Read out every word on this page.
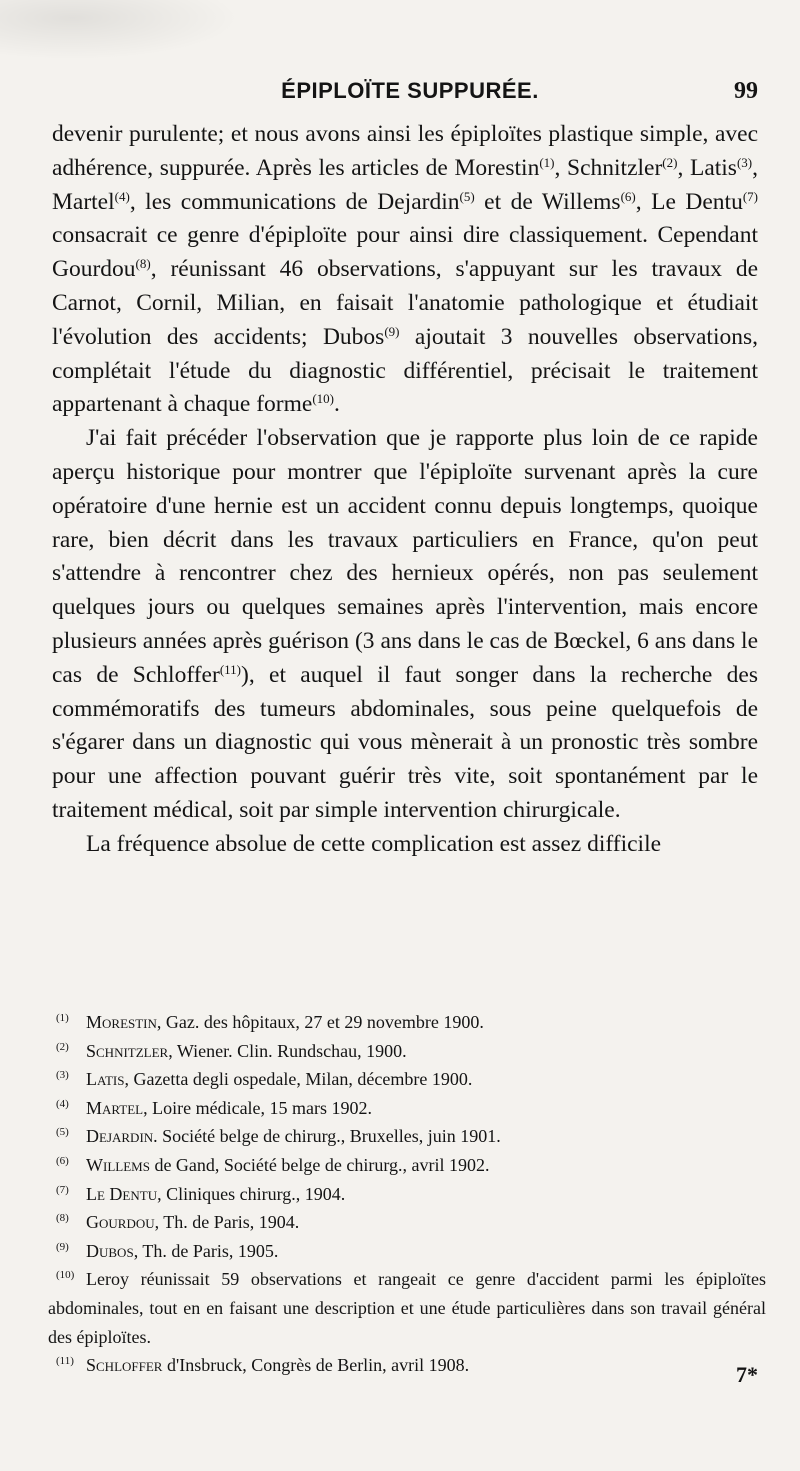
ÉPIPLOÏTE SUPPURÉE.	99

devenir purulente; et nous avons ainsi les épiploïtes plastique simple, avec adhérence, suppurée. Après les articles de Morestin$^{(1)}$, Schnitzler$^{(2)}$, Latis$^{(3)}$, Martel$^{(4)}$, les communications de Dejardin$^{(5)}$ et de Willems$^{(6)}$, Le Dentu$^{(7)}$ consacrait ce genre d'épiploïte pour ainsi dire classiquement. Cependant Gourdou$^{(8)}$, réunissant 46 observations, s'appuyant sur les travaux de Carnot, Cornil, Milian, en faisait l'anatomie pathologique et étudiait l'évolution des accidents; Dubos$^{(9)}$ ajoutait 3 nouvelles observations, complétait l'étude du diagnostic différentiel, précisait le traitement appartenant à chaque forme$^{(10)}$.

J'ai fait précéder l'observation que je rapporte plus loin de ce rapide aperçu historique pour montrer que l'épiploïte survenant après la cure opératoire d'une hernie est un accident connu depuis longtemps, quoique rare, bien décrit dans les travaux particuliers en France, qu'on peut s'attendre à rencontrer chez des hernieux opérés, non pas seulement quelques jours ou quelques semaines après l'intervention, mais encore plusieurs années après guérison (3 ans dans le cas de Bœckel, 6 ans dans le cas de Schloffer$^{(11)}$), et auquel il faut songer dans la recherche des commémoratifs des tumeurs abdominales, sous peine quelquefois de s'égarer dans un diagnostic qui vous mènerait à un pronostic très sombre pour une affection pouvant guérir très vite, soit spontanément par le traitement médical, soit par simple intervention chirurgicale.

La fréquence absolue de cette complication est assez difficile

(1) Morestin, Gaz. des hôpitaux, 27 et 29 novembre 1900.

(2) Schnitzler, Wiener. Clin. Rundschau, 1900.

(3) Latis, Gazetta degli ospedale, Milan, décembre 1900.

(4) Martel, Loire médicale, 15 mars 1902.

(5) Dejardin. Société belge de chirurg., Bruxelles, juin 1901.

(6) Willems de Gand, Société belge de chirurg., avril 1902.

(7) Le Dentu, Cliniques chirurg., 1904.

(8) Gourdou, Th. de Paris, 1904.

(9) Dubos, Th. de Paris, 1905.

(10) Leroy réunissait 59 observations et rangeait ce genre d'accident parmi les épiploïtes abdominales, tout en en faisant une description et une étude particulières dans son travail général des épiploïtes.

(11) Schloffer d'Insbruck, Congrès de Berlin, avril 1908.	7*
